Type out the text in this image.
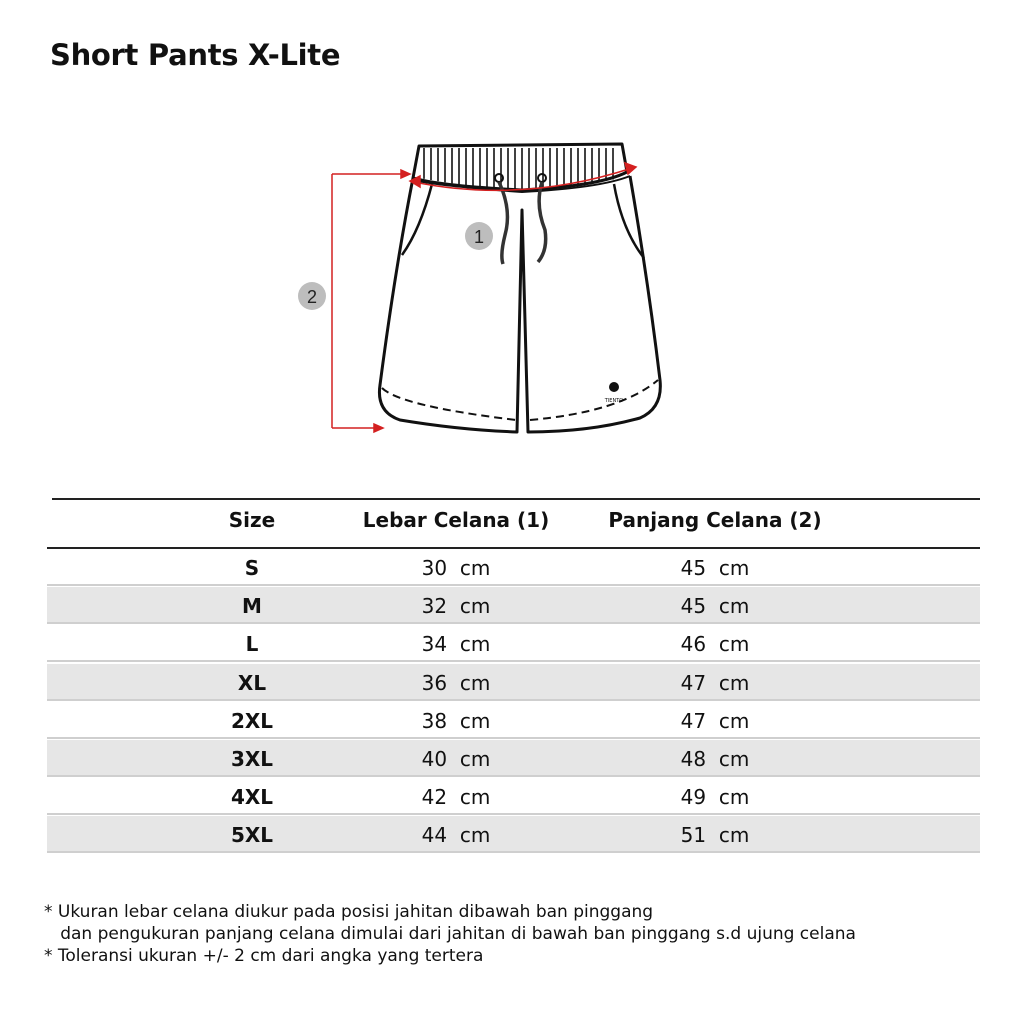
Short Pants X-Lite
1
2
TIENTO
Size	Lebar Celana (1)	Panjang Celana (2)
S	30  cm	45  cm
M	32  cm	45  cm
L	34  cm	46  cm
XL	36  cm	47  cm
2XL	38  cm	47  cm
3XL	40  cm	48  cm
4XL	42  cm	49  cm
5XL	44  cm	51  cm
* Ukuran lebar celana diukur pada posisi jahitan dibawah ban pinggang
dan pengukuran panjang celana dimulai dari jahitan di bawah ban pinggang s.d ujung celana
* Toleransi ukuran +/- 2 cm dari angka yang tertera
